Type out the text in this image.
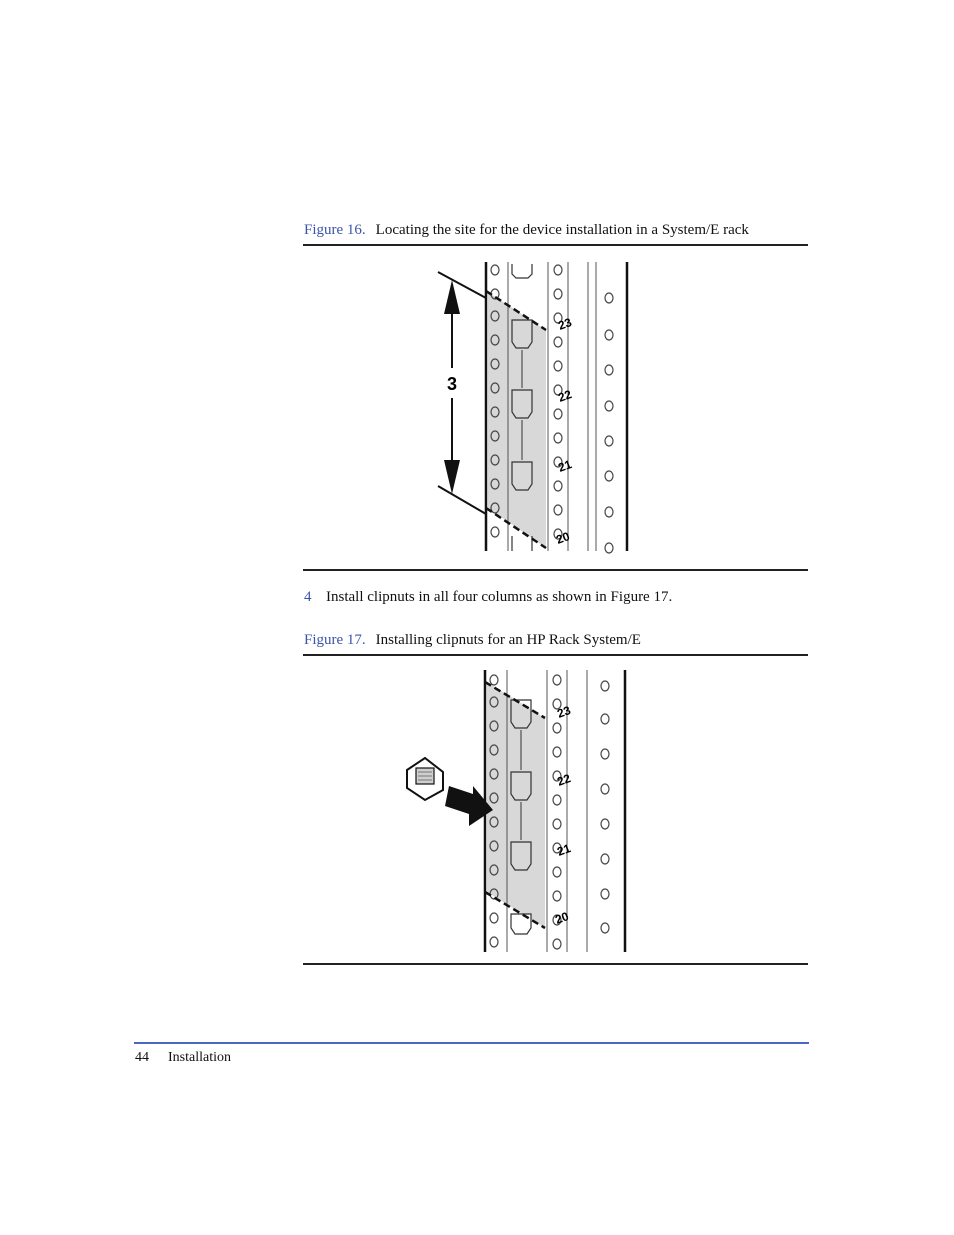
Figure 16. Locating the site for the device installation in a System/E rack
3
23
22
21
20
4 Install clipnuts in all four columns as shown in Figure 17.
Figure 17. Installing clipnuts for an HP Rack System/E
23
22
21
20
44 Installation
